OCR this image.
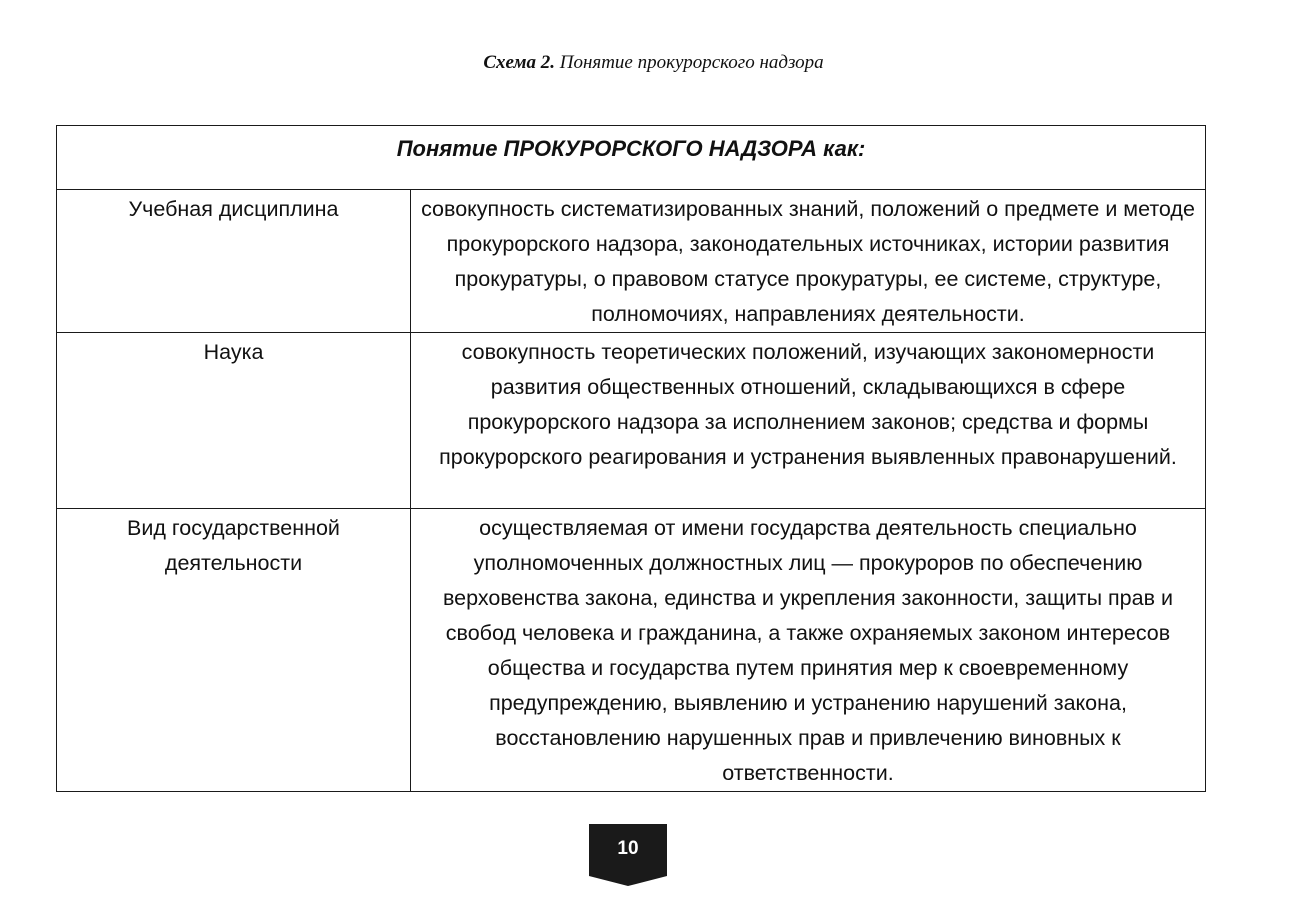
Схема 2. Понятие прокурорского надзора
Понятие ПРОКУРОРСКОГО НАДЗОРА как:	
Учебная дисциплина	совокупность систематизированных знаний, положений о предмете и методе прокурорского надзора, законодательных источниках, истории развития прокуратуры, о правовом статусе прокуратуры, ее системе, структуре, полномочиях, направлениях деятельности.
Наука	совокупность теоретических положений, изучающих закономерности развития общественных отношений, складывающихся в сфере прокурорского надзора за исполнением законов; средства и формы прокурорского реагирования и устранения выявленных правонарушений.
Вид государственной деятельности	осуществляемая от имени государства деятельность специально уполномоченных должностных лиц — прокуроров по обеспечению верховенства закона, единства и укрепления законности, защиты прав и свобод человека и гражданина, а также охраняемых законом интересов общества и государства путем принятия мер к своевременному предупреждению, выявлению и устранению нарушений закона, восстановлению нарушенных прав и привлечению виновных к ответственности.
10
